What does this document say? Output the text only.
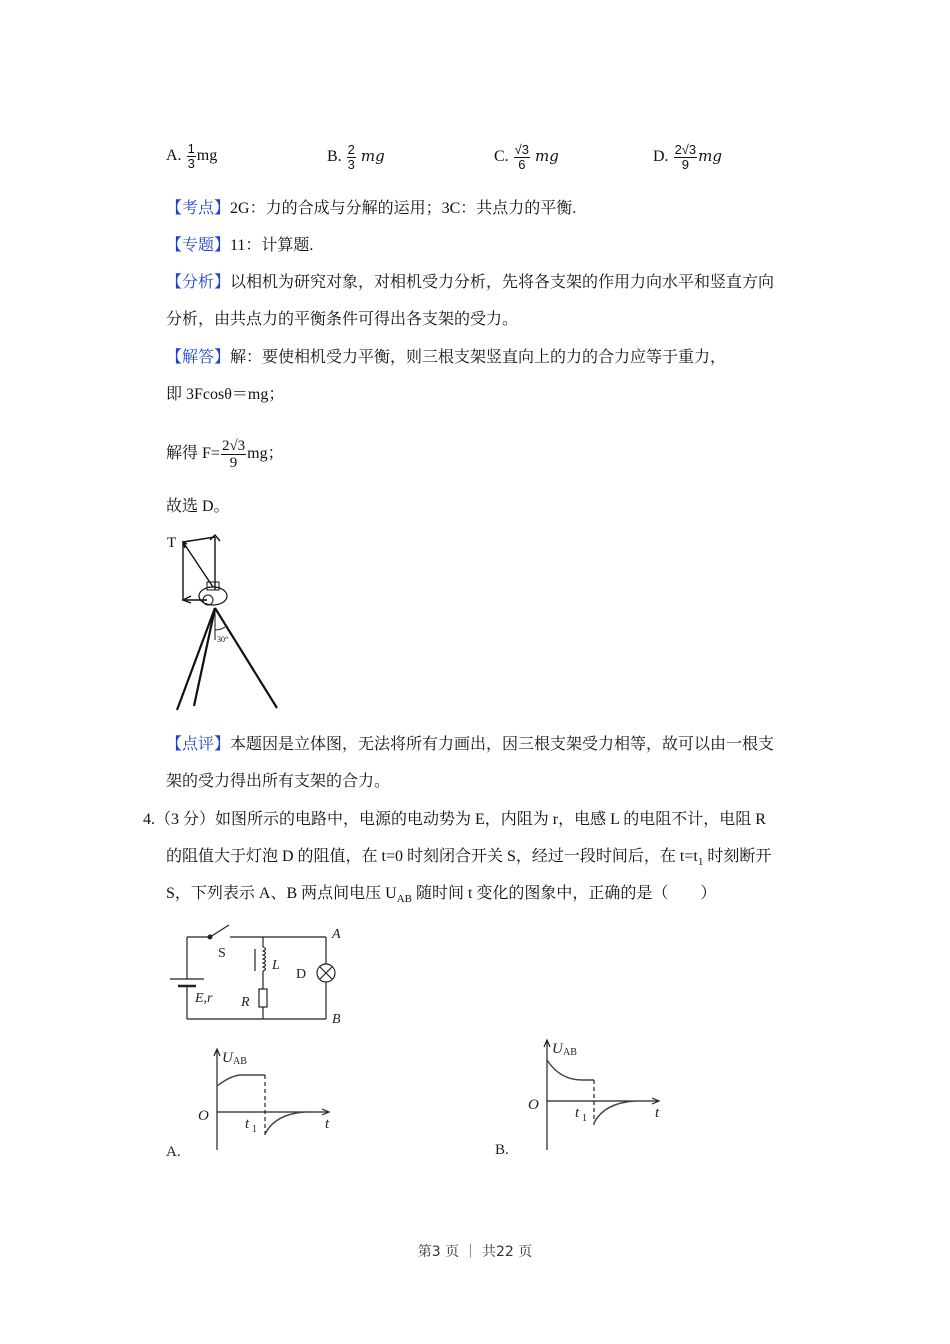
A. $\frac{1}{3}$ mg	B. $\frac{2}{3}$ mg	C. $\frac{√3}{6}$ mg	D. $\frac{2√3}{9}$ mg
【考点】2G：力的合成与分解的运用；3C：共点力的平衡.
【专题】11：计算题.
【分析】以相机为研究对象，对相机受力分析，先将各支架的作用力向水平和竖直方向
分析，由共点力的平衡条件可得出各支架的受力。
【解答】解：要使相机受力平衡，则三根支架竖直向上的力的合力应等于重力，
即 3Fcosθ＝mg；
解得 $F= \frac{2√3}{9}$ mg；
故选 D。
T
30°
【点评】本题因是立体图，无法将所有力画出，因三根支架受力相等，故可以由一根支
架的受力得出所有支架的合力。
4.（3 分）如图所示的电路中，电源的电动势为 E，内阻为 r，电感 L 的电阻不计，电阻 R
的阻值大于灯泡 D 的阻值，在 t=0 时刻闭合开关 S，经过一段时间后，在 $t=t_1$ 时刻断开
S，下列表示 A、B 两点间电压 $U_{AB}$ 随时间 t 变化的图象中，正确的是（　　）
S
L
D
R
E,r
A
B
U
O t	t
AB
1
A.
U
O t	t
AB
1
B.
第3 页 ｜ 共22 页
